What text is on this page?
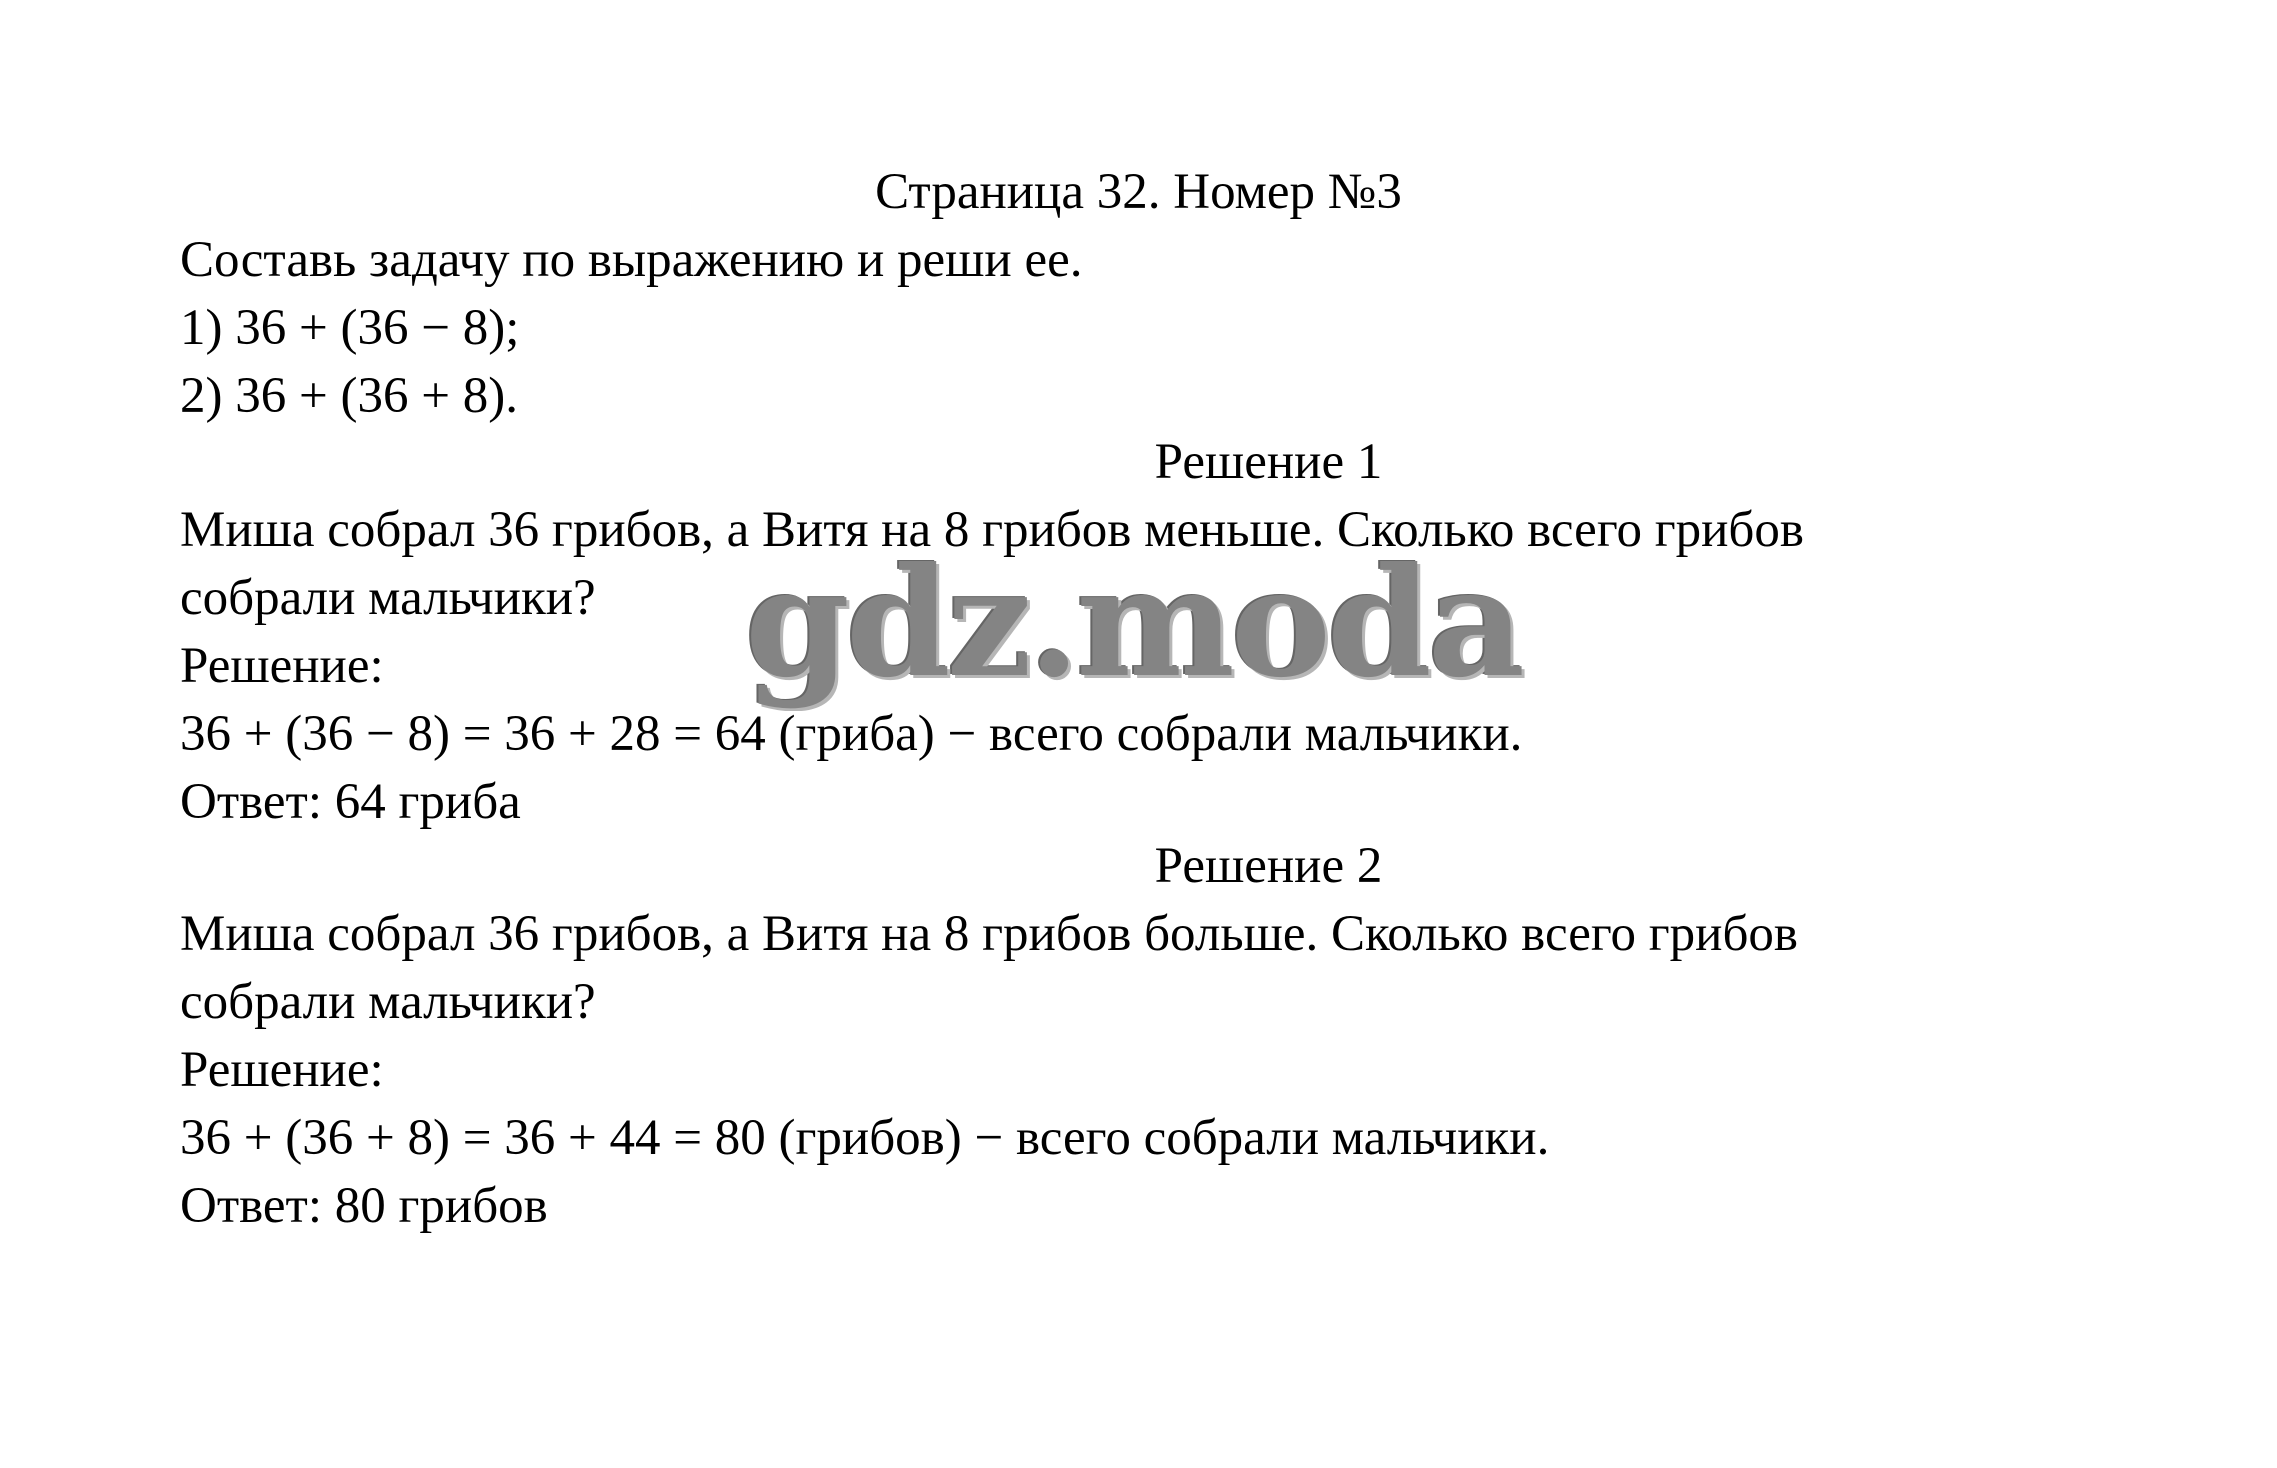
Страница 32. Номер №3
Составь задачу по выражению и реши ее.
1) 36 + (36 − 8);
2) 36 + (36 + 8).
Решение 1
Миша собрал 36 грибов, а Витя на 8 грибов меньше. Сколько всего грибов
собрали мальчики?
Решение:
36 + (36 − 8) = 36 + 28 = 64 (гриба) − всего собрали мальчики.
Ответ: 64 гриба
Решение 2
Миша собрал 36 грибов, а Витя на 8 грибов больше. Сколько всего грибов
собрали мальчики?
Решение:
36 + (36 + 8) = 36 + 44 = 80 (грибов) − всего собрали мальчики.
Ответ: 80 грибов
gdz.moda
